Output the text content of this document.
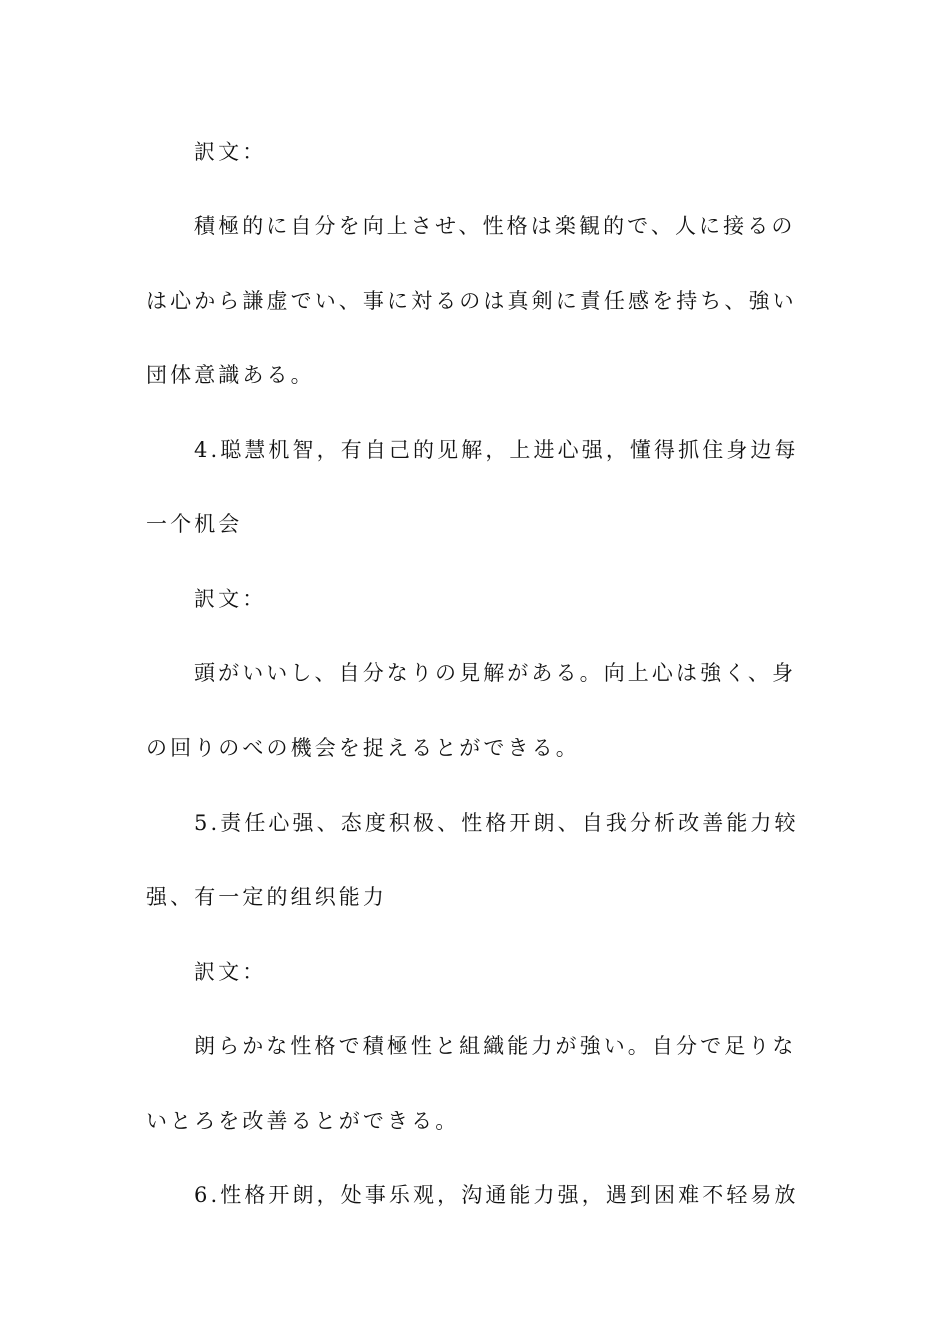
訳文：
積極的に自分を向上させ、性格は楽観的で、人に接るの
は心から謙虚でい、事に対るのは真剣に責任感を持ち、強い
団体意識ある。
4.聪慧机智，有自己的见解，上进心强，懂得抓住身边每
一个机会
訳文：
頭がいいし、自分なりの見解がある。向上心は強く、身
の回りのべの機会を捉えるとができる。
5.责任心强、态度积极、性格开朗、自我分析改善能力较
强、有一定的组织能力
訳文：
朗らかな性格で積極性と組織能力が強い。自分で足りな
いとろを改善るとができる。
6.性格开朗，处事乐观，沟通能力强，遇到困难不轻易放
